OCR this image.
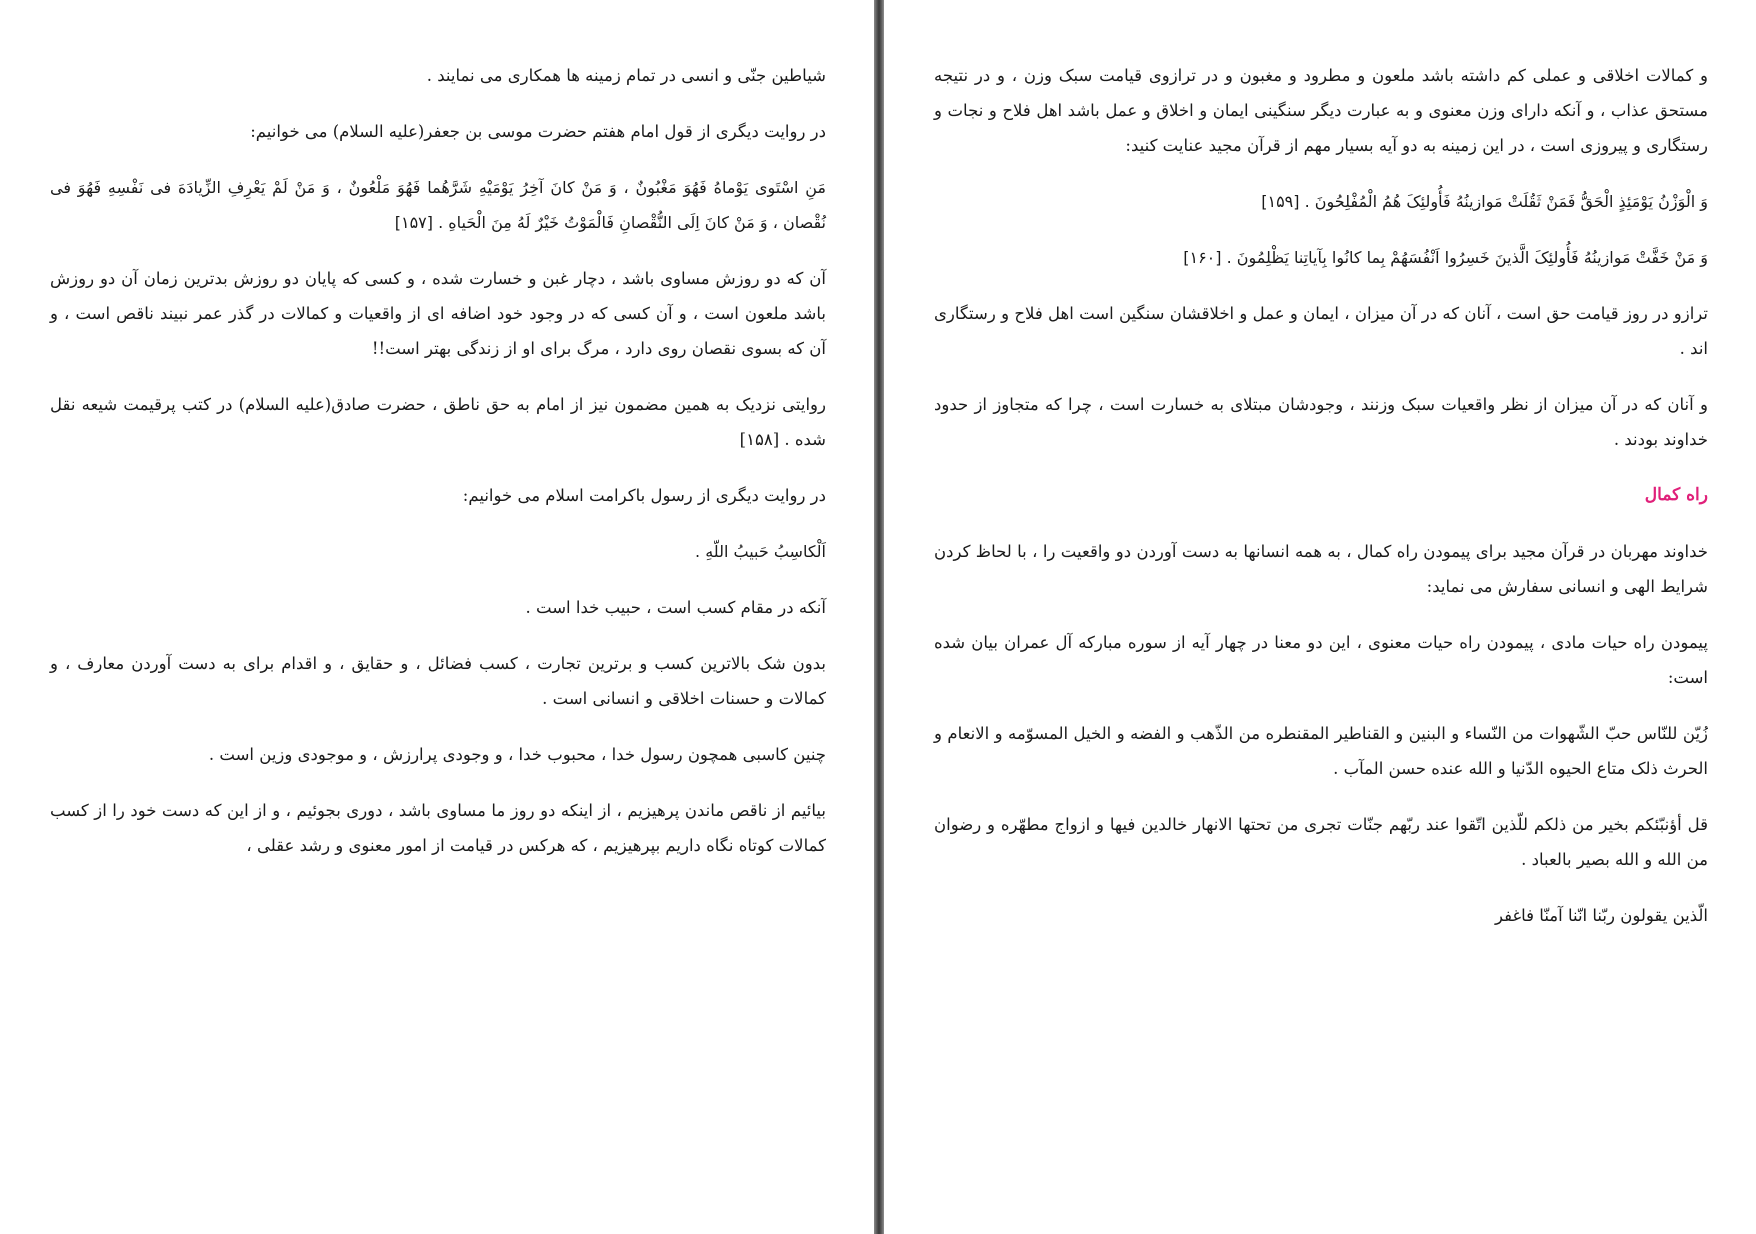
شیاطین جنّی و انسی در تمام زمینه ها همکاری می نمایند .

در روایت دیگری از قول امام هفتم حضرت موسی بن جعفر(علیه السلام) می خوانیم:

مَنِ اسْتَوی یَوْماهُ فَهُوَ مَغْبُونٌ ، وَ مَنْ کانَ آخِرُ یَوْمَیْهِ شَرَّهُما فَهُوَ مَلْعُونٌ ، وَ مَنْ لَمْ یَعْرِفِ الزِّیادَهَ فی نَفْسِهِ فَهُوَ فی نُقْصان ، وَ مَنْ کانَ اِلَی النُّقْصانِ فَالْمَوْتُ خَیْرٌ لَهُ مِنَ الْحَیاهِ . [۱۵۷]

آن که دو روزش مساوی باشد ، دچار غبن و خسارت شده ، و کسی که پایان دو روزش بدترین زمان آن دو روزش باشد ملعون است ، و آن کسی که در وجود خود اضافه ای از واقعیات و کمالات در گذر عمر نبیند ناقص است ، و آن که بسوی نقصان روی دارد ، مرگ برای او از زندگی بهتر است!!

روایتی نزدیک به همین مضمون نیز از امام به حق ناطق ، حضرت صادق(علیه السلام) در کتب پرقیمت شیعه نقل شده . [۱۵۸]

در روایت دیگری از رسول باکرامت اسلام می خوانیم:

اَلْکاسِبُ حَبیبُ اللّهِ .

آنکه در مقام کسب است ، حبیب خدا است .

بدون شک بالاترین کسب و برترین تجارت ، کسب فضائل ، و حقایق ، و اقدام برای به دست آوردن معارف ، و کمالات و حسنات اخلاقی و انسانی است .

چنین کاسبی همچون رسول خدا ، محبوب خدا ، و وجودی پرارزش ، و موجودی وزین است .

بیائیم از ناقص ماندن پرهیزیم ، از اینکه دو روز ما مساوی باشد ، دوری بجوئیم ، و از این که دست خود را از کسب کمالات کوتاه نگاه داریم بپرهیزیم ، که هرکس در قیامت از امور معنوی و رشد عقلی ،

و کمالات اخلاقی و عملی کم داشته باشد ملعون و مطرود و مغبون و در ترازوی قیامت سبک وزن ، و در نتیجه مستحق عذاب ، و آنکه دارای وزن معنوی و به عبارت دیگر سنگینی ایمان و اخلاق و عمل باشد اهل فلاح و نجات و رستگاری و پیروزی است ، در این زمینه به دو آیه بسیار مهم از قرآن مجید عنایت کنید:

وَ الْوَزْنُ یَوْمَئِذٍ الْحَقُّ فَمَنْ ثَقُلَتْ مَوازینُهُ فَأُولئِکَ هُمُ الْمُفْلِحُونَ . [۱۵۹]

وَ مَنْ خَفَّتْ مَوازینُهُ فَأُولئِکَ الَّذینَ خَسِرُوا اَنْفُسَهُمْ بِما کانُوا بِآیاتِنا یَظْلِمُونَ . [۱۶۰]

ترازو در روز قیامت حق است ، آنان که در آن میزان ، ایمان و عمل و اخلاقشان سنگین است اهل فلاح و رستگاری اند .

و آنان که در آن میزان از نظر واقعیات سبک وزنند ، وجودشان مبتلای به خسارت است ، چرا که متجاوز از حدود خداوند بودند .

راه کمال

خداوند مهربان در قرآن مجید برای پیمودن راه کمال ، به همه انسانها به دست آوردن دو واقعیت را ، با لحاظ کردن شرایط الهی و انسانی سفارش می نماید:

پیمودن راه حیات مادی ، پیمودن راه حیات معنوی ، این دو معنا در چهار آیه از سوره مبارکه آل عمران بیان شده است:

زُیّن للنّاس حبّ الشّهوات من النّساء و البنین و القناطیر المقنطره من الذّهب و الفضه و الخیل المسوّمه و الانعام و الحرث ذلک متاع الحیوه الدّنیا و الله عنده حسن المآب .

قل أؤنبّئکم بخیر من ذلکم للّذین اتّقوا عند ربّهم جنّات تجری من تحتها الانهار خالدین فیها و ازواج مطهّره و رضوان من الله و الله بصیر بالعباد .

الّذین یقولون ربّنا انّنا آمنّا فاغفر
